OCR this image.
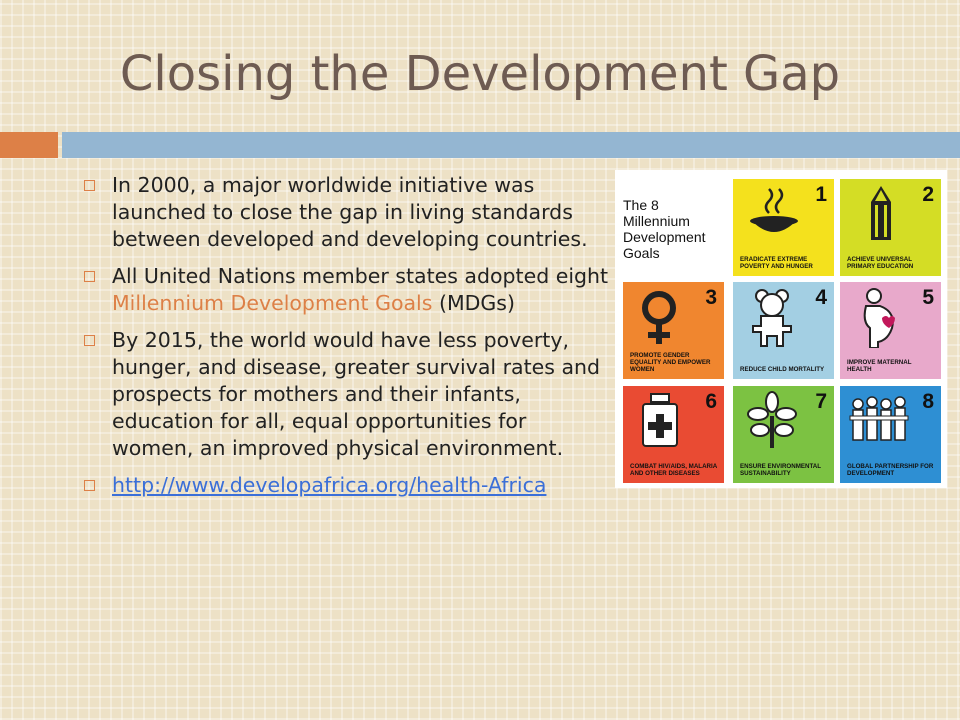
Closing the Development Gap
In 2000, a major worldwide initiative was launched to close the gap in living standards between developed and developing countries.
All United Nations member states adopted eight Millennium Development Goals (MDGs)
By 2015, the world would have less poverty, hunger, and disease, greater survival rates and prospects for mothers and their infants, education for all, equal opportunities for women, an improved physical environment.
http://www.developafrica.org/health-Africa
The 8
Millennium
Development
Goals
1
ERADICATE EXTREME POVERTY AND HUNGER
2
ACHIEVE UNIVERSAL PRIMARY EDUCATION
3
PROMOTE GENDER EQUALITY AND EMPOWER WOMEN
4
REDUCE CHILD MORTALITY
5
IMPROVE MATERNAL HEALTH
6
COMBAT HIV/AIDS, MALARIA AND OTHER DISEASES
7
ENSURE ENVIRONMENTAL SUSTAINABILITY
8
GLOBAL PARTNERSHIP FOR DEVELOPMENT
